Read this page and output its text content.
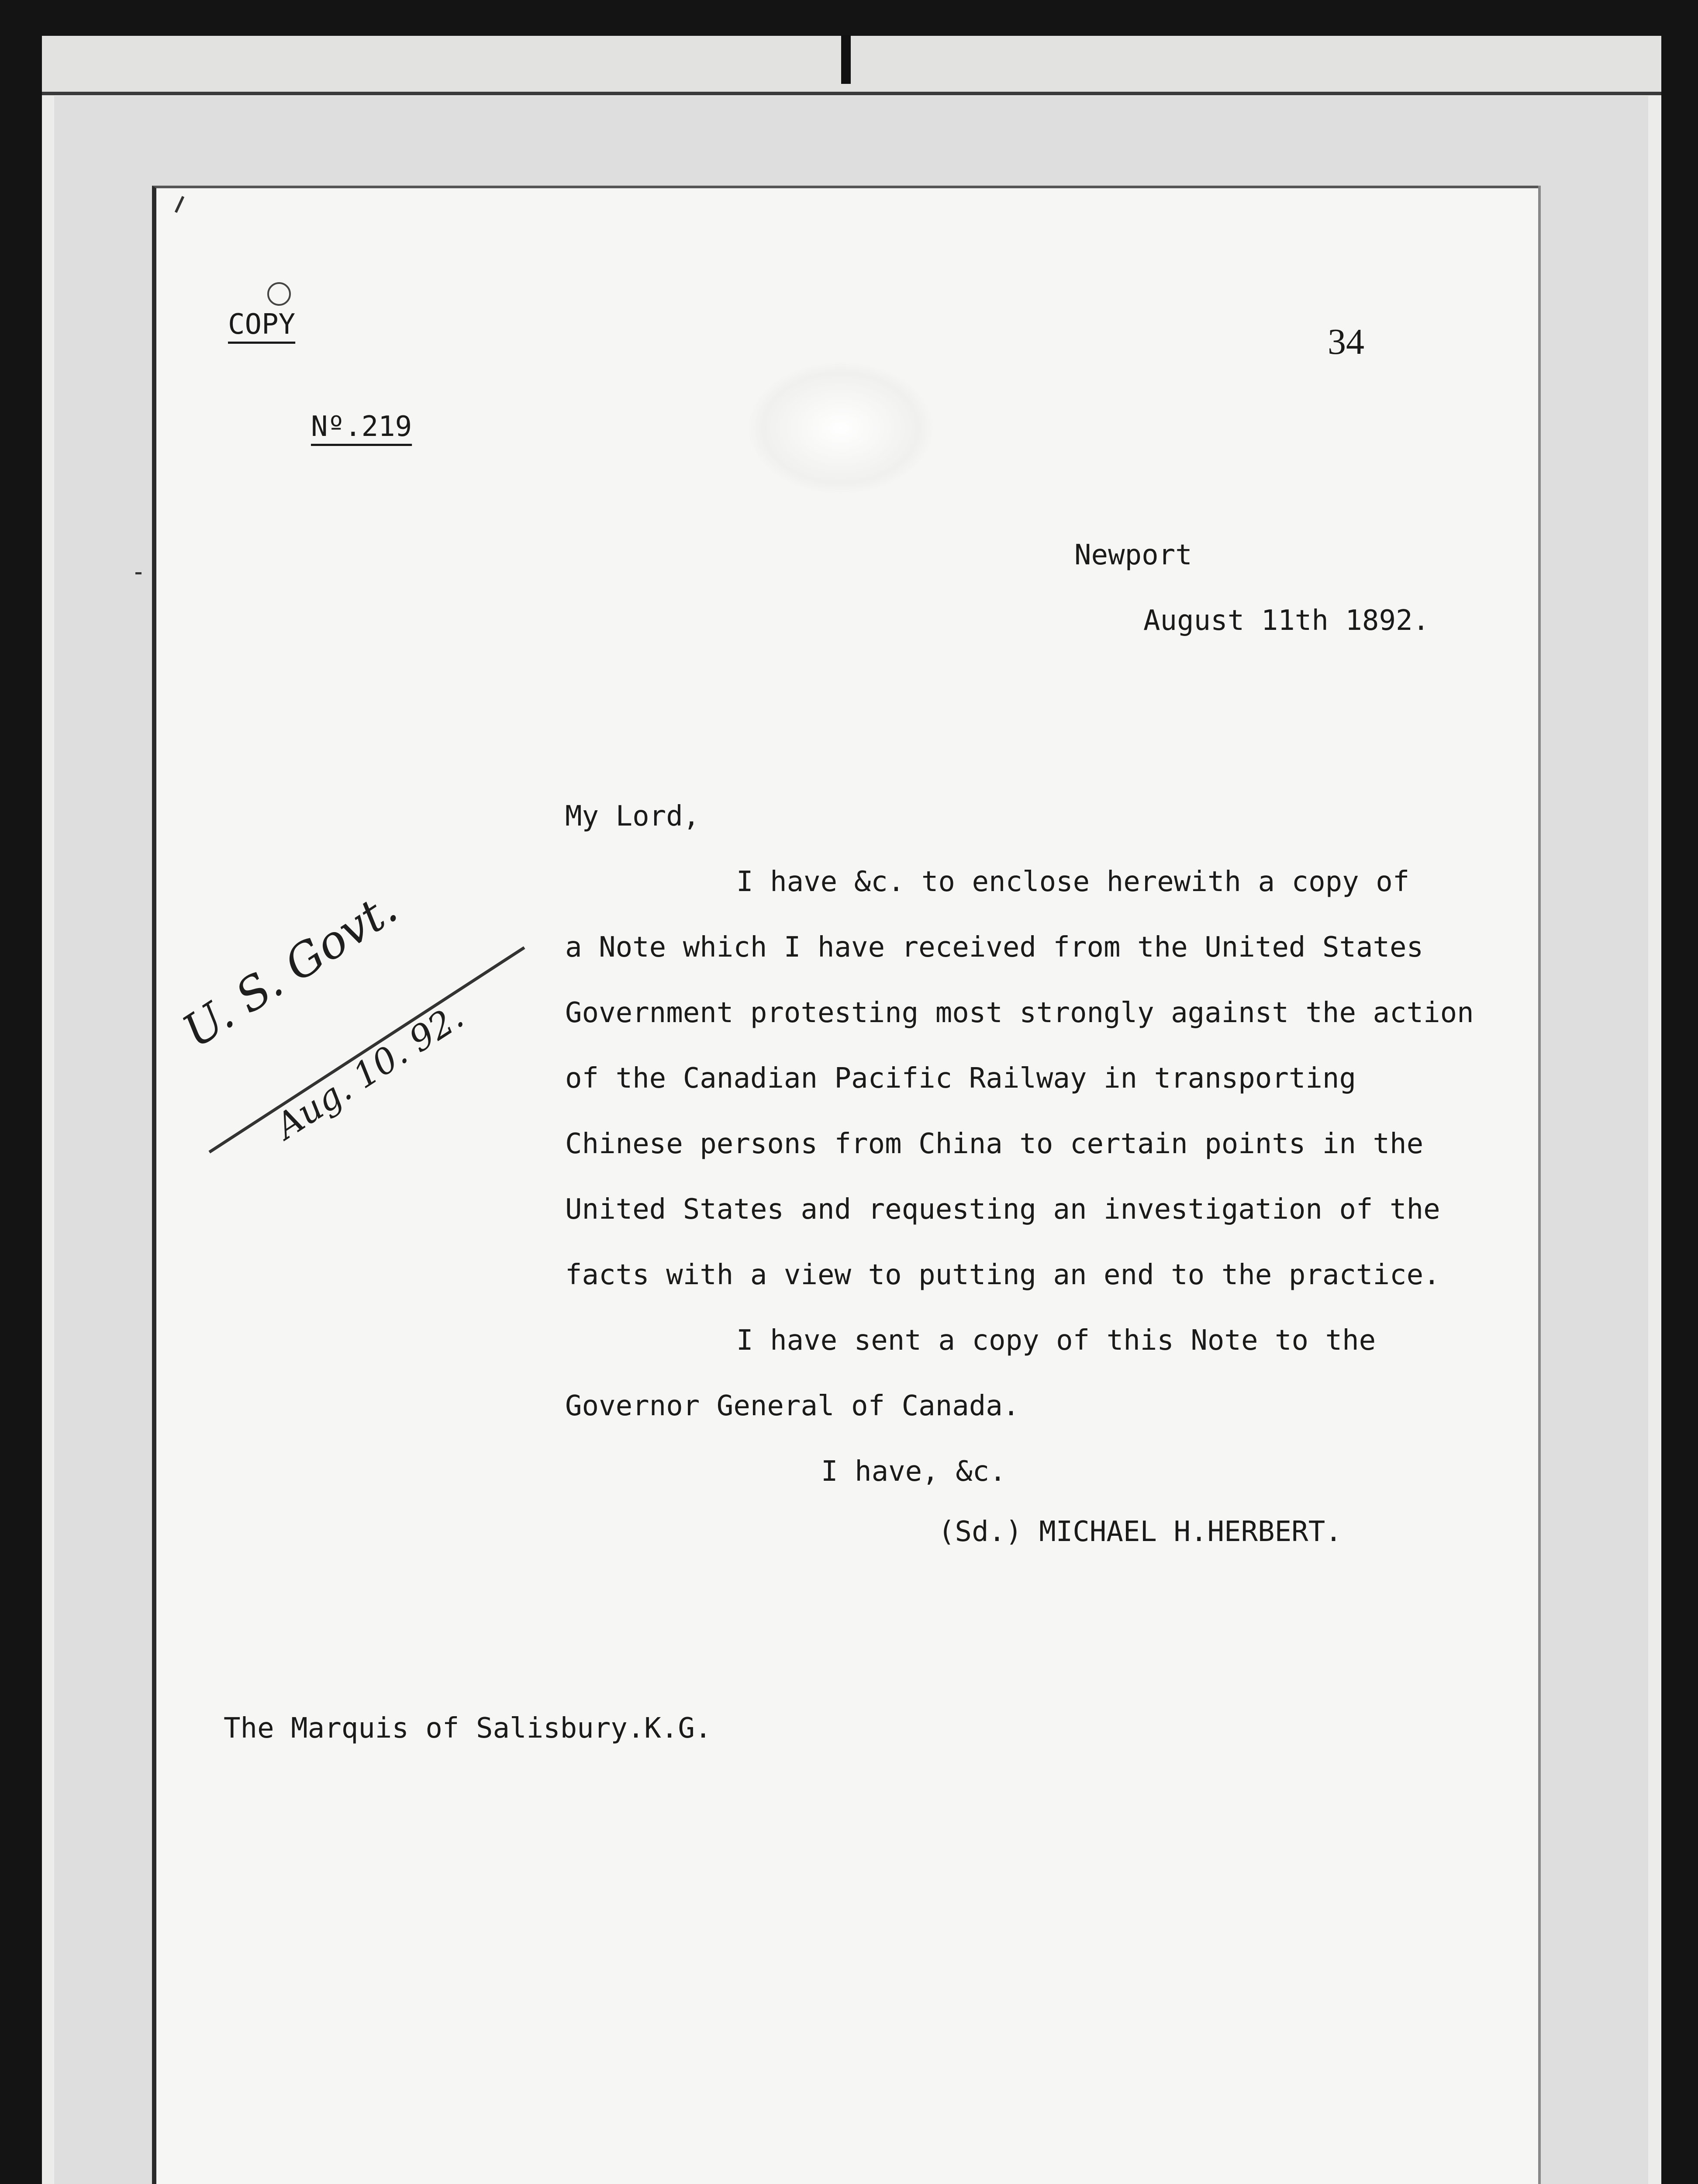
COPY
Nº.219
34
Newport
August 11th 1892.
My Lord,
I have &c. to enclose herewith a copy of
a Note which I have received from the United States
Government protesting most strongly against the action
of the Canadian Pacific Railway in transporting
Chinese persons from China to certain points in the
United States and requesting an investigation of the
facts with a view to putting an end to the practice.
I have sent a copy of this Note to the
Governor General of Canada.
I have, &c.
(Sd.) MICHAEL H.HERBERT.
The Marquis of Salisbury.K.G.
U. S. Govt.
Aug. 10. 92.
